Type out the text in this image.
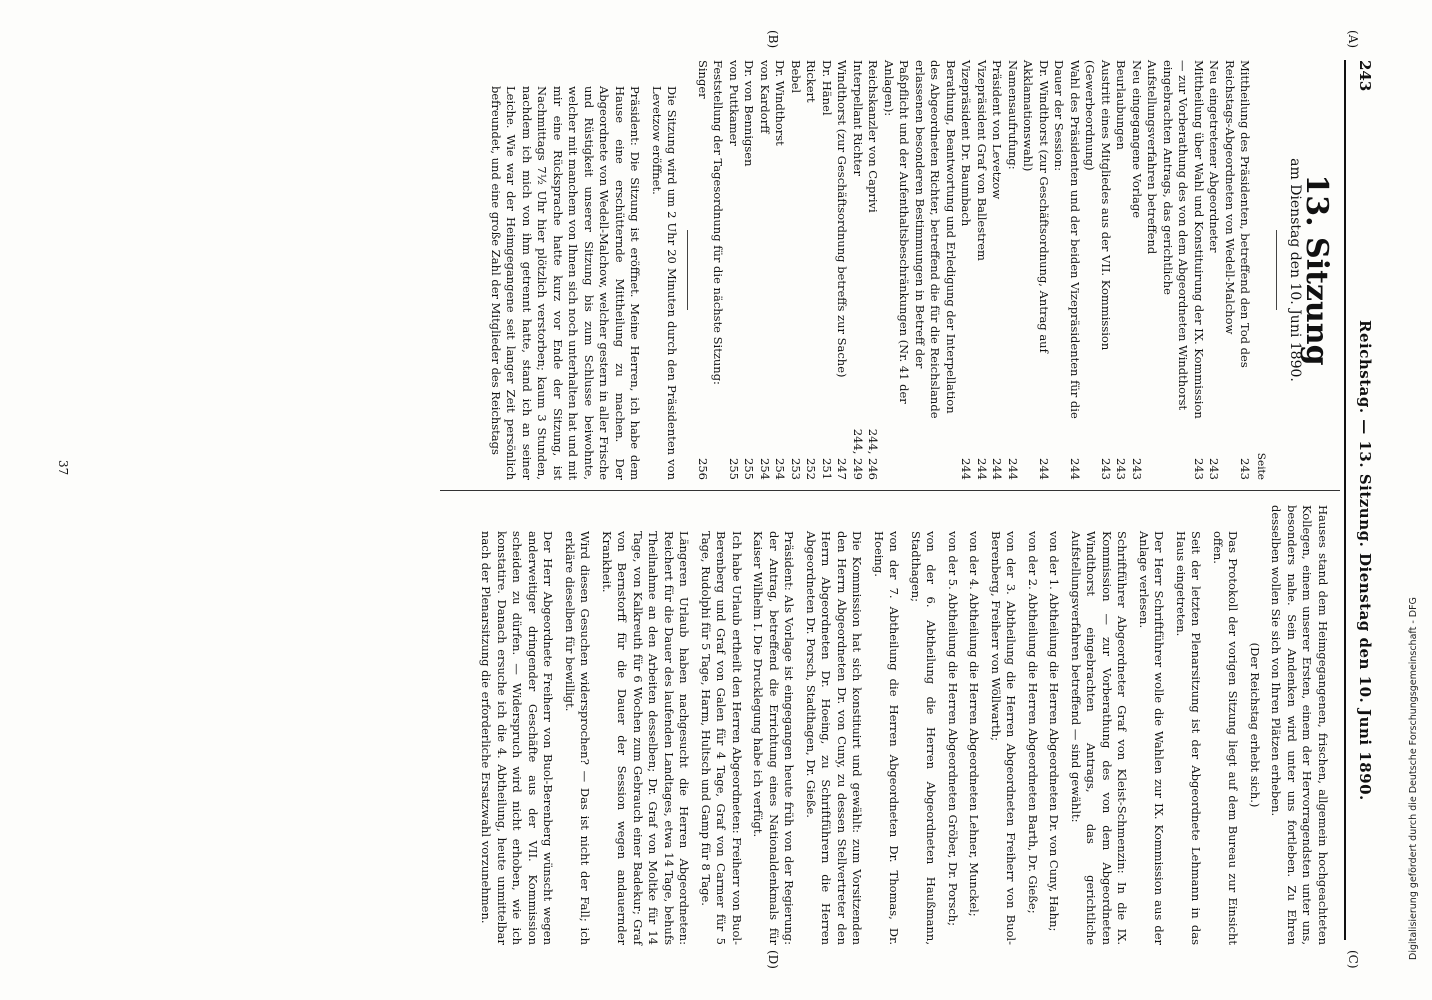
243
Reichstag. — 13. Sitzung. Dienstag den 10. Juni 1890.
(A)
(B)
(C)
(D)
13. Sitzung
am Dienstag den 10. Juni 1890.
Seite
Mittheilung des Präsidenten, betreffend den Tod des Reichstags-Abgeordneten von Wedell-Malchow
243
Neu eingetretener Abgeordneter
243
Mittheilung über Wahl und Konstituirung der IX. Kommission — zur Vorberathung des von dem Abgeordneten Windthorst eingebrachten Antrags, das gerichtliche Aufstellungsverfahren betreffend
243
Neu eingegangene Vorlage
243
Beurlaubungen
243
Austritt eines Mitgliedes aus der VII. Kommission (Gewerbeordnung)
243
Wahl des Präsidenten und der beiden Vizepräsidenten für die Dauer der Session:
244
Dr. Windthorst (zur Geschäftsordnung, Antrag auf Akklamationswahl)
244
Namensaufrufung:
244
Präsident von Levetzow
244
Vizepräsident Graf von Ballestrem
244
Vizepräsident Dr. Baumbach
244
Berathung, Beantwortung und Erledigung der Interpellation des Abgeordneten Richter, betreffend die für die Reichslande erlassenen besonderen Bestimmungen in Betreff der Paßpflicht und der Aufenthaltsbeschränkungen (Nr. 41 der Anlagen):
Reichskanzler von Caprivi
244, 246
Interpellant Richter
244, 249
Windthorst (zur Geschäftsordnung betreffs zur Sache)
247
Dr. Hänel
251
Rickert
252
Bebel
253
Dr. Windthorst
254
von Kardorff
254
Dr. von Bennigsen
255
von Puttkamer
255
Feststellung der Tagesordnung für die nächste Sitzung:
Singer
256

Die Sitzung wird um 2 Uhr 20 Minuten durch den Präsidenten von Levetzow eröffnet.

Präsident: Die Sitzung ist eröffnet. Meine Herren, ich habe dem Hause eine erschütternde Mittheilung zu machen. Der Abgeordnete von Wedell-Malchow, welcher gestern in aller Frische und Rüstigkeit unserer Sitzung bis zum Schlusse beiwohnte, welcher mit manchem von Ihnen sich noch unterhalten hat und mit mir eine Rücksprache hatte kurz vor Ende der Sitzung, ist Nachmittags 7½ Uhr hier plötzlich verstorben; kaum 3 Stunden, nachdem ich mich von ihm getrennt hatte, stand ich an seiner Leiche. Wie war der Heimgegangene seit langer Zeit persönlich befreundet, und eine große Zahl der Mitglieder des Reichstags

Hauses stand dem Heimgegangenen, frischen, allgemein hochgeachteten Kollegen, einem unserer Ersten, einem der Hervorragendsten unter uns, besonders nahe. Sein Andenken wird unter uns fortleben. Zu Ehren desselben wollen Sie sich von Ihren Plätzen erheben.

(Der Reichstag erhebt sich.)

Das Protokoll der vorigen Sitzung liegt auf dem Bureau zur Einsicht offen.

Seit der letzten Plenarsitzung ist der Abgeordnete Lehmann in das Haus eingetreten.

Der Herr Schriftführer wolle die Wahlen zur IX. Kommission aus der Anlage verlesen.

Schriftführer Abgeordneter Graf von Kleist-Schmenzin: In die IX. Kommission — zur Vorberathung des von dem Abgeordneten Windthorst eingebrachten Antrags, das gerichtliche Aufstellungsverfahren betreffend — sind gewählt:

von der 1. Abtheilung die Herren Abgeordneten Dr. von Cuny, Hahn;

von der 2. Abtheilung die Herren Abgeordneten Barth, Dr. Gieße;

von der 3. Abtheilung die Herren Abgeordneten Freiherr von Buol-Berenberg, Freiherr von Wöllwarth;

von der 4. Abtheilung die Herren Abgeordneten Lehner, Munckel;

von der 5. Abtheilung die Herren Abgeordneten Gröber, Dr. Porsch;

von der 6. Abtheilung die Herren Abgeordneten Haußmann, Stadthagen;

von der 7. Abtheilung die Herren Abgeordneten Dr. Thomas, Dr. Hoeing.

Die Kommission hat sich konstituirt und gewählt: zum Vorsitzenden den Herrn Abgeordneten Dr. von Cuny, zu dessen Stellvertreter den Herrn Abgeordneten Dr. Hoeing, zu Schriftführern die Herren Abgeordneten Dr. Porsch, Stadthagen, Dr. Gieße.

Präsident: Als Vorlage ist eingegangen heute früh von der Regierung: der Antrag, betreffend die Errichtung eines Nationaldenkmals für Kaiser Wilhelm I. Die Drucklegung habe ich verfügt.

Ich habe Urlaub ertheilt den Herren Abgeordneten: Freiherr von Buol-Berenberg und Graf von Galen für 4 Tage, Graf von Carmer für 5 Tage, Rudolphi für 5 Tage, Harm, Hultsch und Gamp für 8 Tage.

Längeren Urlaub haben nachgesucht die Herren Abgeordneten: Reichert für die Dauer des laufenden Landtages, etwa 14 Tage, behufs Theilnahme an den Arbeiten desselben; Dr. Graf von Moltke für 14 Tage, von Kalkreuth für 6 Wochen zum Gebrauch einer Badekur; Graf von Bernstorff für die Dauer der Session wegen andauernder Krankheit.

Wird diesen Gesuchen widersprochen? — Das ist nicht der Fall; ich erkläre dieselben für bewilligt.

Der Herr Abgeordnete Freiherr von Buol-Berenberg wünscht wegen anderweitiger dringender Geschäfte aus der VII. Kommission scheiden zu dürfen. — Widerspruch wird nicht erhoben, wie ich konstatire. Danach ersuche ich die 4. Abtheilung, heute unmittelbar nach der Plenarsitzung die erforderliche Ersatzwahl vorzunehmen.

37
Digitalisierung gefördert durch die Deutsche Forschungsgemeinschaft - DFG
